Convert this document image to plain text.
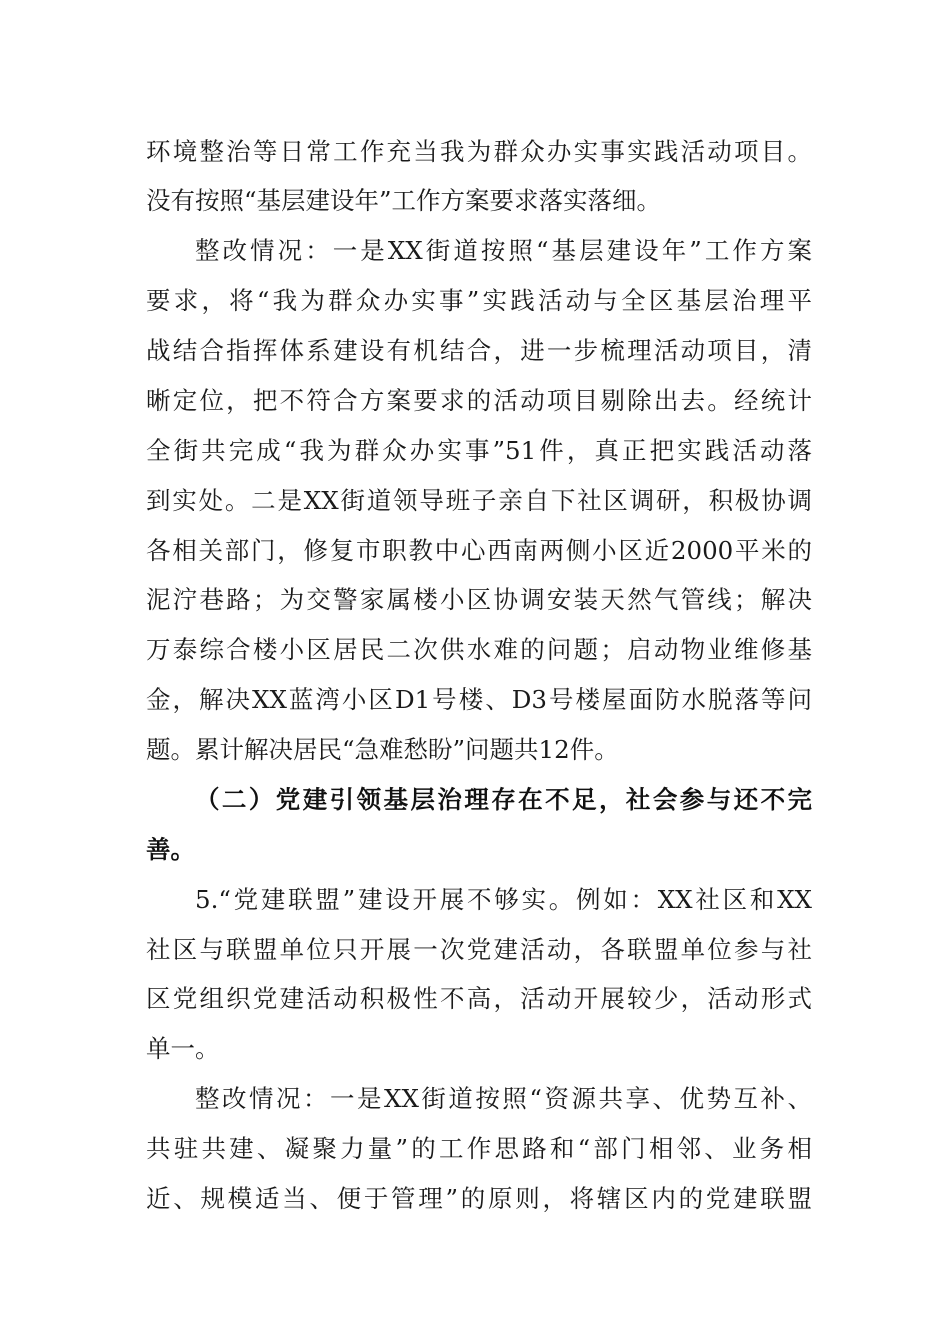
环境整治等日常工作充当我为群众办实事实践活动项目。
没有按照“基层建设年”工作方案要求落实落细。
整改情况：一是XX街道按照“基层建设年”工作方案
要求，将“我为群众办实事”实践活动与全区基层治理平
战结合指挥体系建设有机结合，进一步梳理活动项目，清
晰定位，把不符合方案要求的活动项目剔除出去。经统计
全街共完成“我为群众办实事”51件，真正把实践活动落
到实处。二是XX街道领导班子亲自下社区调研，积极协调
各相关部门，修复市职教中心西南两侧小区近2000平米的
泥泞巷路；为交警家属楼小区协调安装天然气管线；解决
万泰综合楼小区居民二次供水难的问题；启动物业维修基
金，解决XX蓝湾小区D1号楼、D3号楼屋面防水脱落等问
题。累计解决居民“急难愁盼”问题共12件。
（二）党建引领基层治理存在不足，社会参与还不完
善。
5.“党建联盟”建设开展不够实。例如：XX社区和XX
社区与联盟单位只开展一次党建活动，各联盟单位参与社
区党组织党建活动积极性不高，活动开展较少，活动形式
单一。
整改情况：一是XX街道按照“资源共享、优势互补、
共驻共建、凝聚力量”的工作思路和“部门相邻、业务相
近、规模适当、便于管理”的原则，将辖区内的党建联盟
